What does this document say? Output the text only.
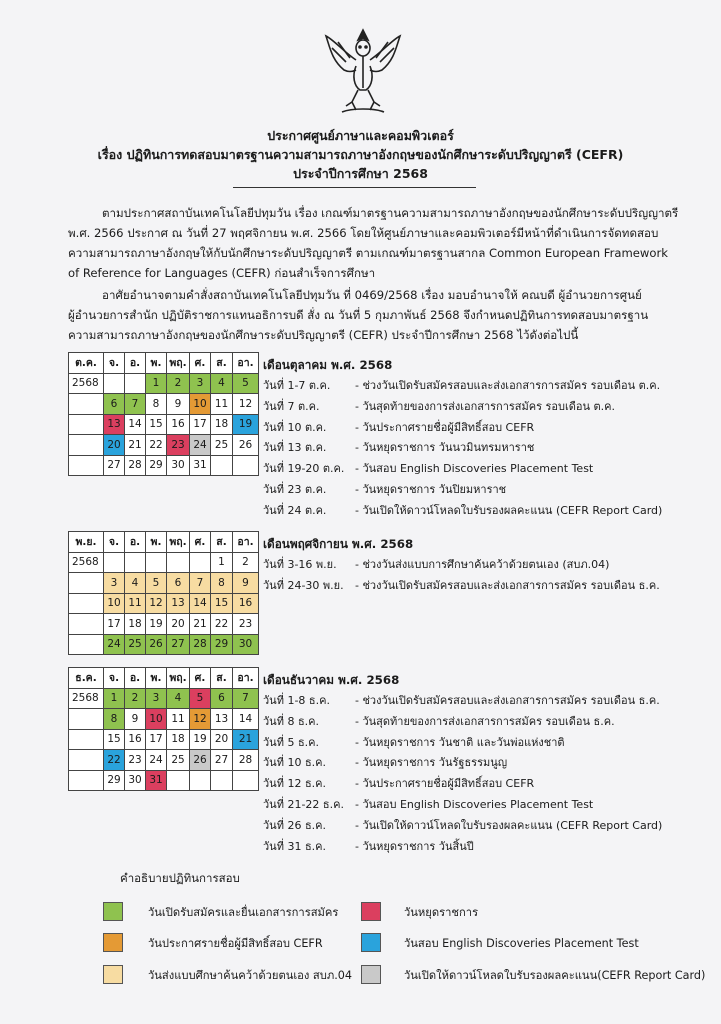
ประกาศศูนย์ภาษาและคอมพิวเตอร์
เรื่อง ปฏิทินการทดสอบมาตรฐานความสามารถภาษาอังกฤษของนักศึกษาระดับปริญญาตรี (CEFR)
ประจำปีการศึกษา 2568
ตามประกาศสถาบันเทคโนโลยีปทุมวัน เรื่อง เกณฑ์มาตรฐานความสามารถภาษาอังกฤษของนักศึกษาระดับปริญญาตรี
พ.ศ. 2566 ประกาศ ณ วันที่ 27 พฤศจิกายน พ.ศ. 2566 โดยให้ศูนย์ภาษาและคอมพิวเตอร์มีหน้าที่ดำเนินการจัดทดสอบ
ความสามารถภาษาอังกฤษให้กับนักศึกษาระดับปริญญาตรี ตามเกณฑ์มาตรฐานสากล Common European Framework
of Reference for Languages (CEFR) ก่อนสำเร็จการศึกษา
อาศัยอำนาจตามคำสั่งสถาบันเทคโนโลยีปทุมวัน ที่ 0469/2568 เรื่อง มอบอำนาจให้ คณบดี ผู้อำนวยการศูนย์
ผู้อำนวยการสำนัก ปฏิบัติราชการแทนอธิการบดี สั่ง ณ วันที่ 5 กุมภาพันธ์ 2568 จึงกำหนดปฏิทินการทดสอบมาตรฐาน
ความสามารถภาษาอังกฤษของนักศึกษาระดับปริญญาตรี (CEFR) ประจำปีการศึกษา 2568 ไว้ดังต่อไปนี้
ต.ค.	จ.	อ.	พ.	พฤ.	ศ.	ส.	อา.
2568			1	2	3	4	5
	6	7	8	9	10	11	12
	13	14	15	16	17	18	19
	20	21	22	23	24	25	26
	27	28	29	30	31		
เดือนตุลาคม พ.ศ. 2568
วันที่ 1-7 ต.ค. - ช่วงวันเปิดรับสมัครสอบและส่งเอกสารการสมัคร รอบเดือน ต.ค.
วันที่ 7 ต.ค.	- วันสุดท้ายของการส่งเอกสารการสมัคร รอบเดือน ต.ค.
วันที่ 10 ต.ค.	- วันประกาศรายชื่อผู้มีสิทธิ์สอบ CEFR
วันที่ 13 ต.ค.	- วันหยุดราชการ วันนวมินทรมหาราช
วันที่ 19-20 ต.ค. - วันสอบ English Discoveries Placement Test
วันที่ 23 ต.ค.	- วันหยุดราชการ วันปิยมหาราช
วันที่ 24 ต.ค.	- วันเปิดให้ดาวน์โหลดใบรับรองผลคะแนน (CEFR Report Card)
พ.ย.	จ.	อ.	พ.	พฤ.	ศ.	ส.	อา.
2568						1	2
	3	4	5	6	7	8	9
	10	11	12	13	14	15	16
	17	18	19	20	21	22	23
	24	25	26	27	28	29	30
เดือนพฤศจิกายน พ.ศ. 2568
วันที่ 3-16 พ.ย. - ช่วงวันส่งแบบการศึกษาค้นคว้าด้วยตนเอง (สบภ.04)
วันที่ 24-30 พ.ย. - ช่วงวันเปิดรับสมัครสอบและส่งเอกสารการสมัคร รอบเดือน ธ.ค.
ธ.ค.	จ.	อ.	พ.	พฤ.	ศ.	ส.	อา.
2568	1	2	3	4	5	6	7
	8	9	10	11	12	13	14
	15	16	17	18	19	20	21
	22	23	24	25	26	27	28
	29	30	31				
เดือนธันวาคม พ.ศ. 2568
วันที่ 1-8 ธ.ค. - ช่วงวันเปิดรับสมัครสอบและส่งเอกสารการสมัคร รอบเดือน ธ.ค.
วันที่ 8 ธ.ค.	- วันสุดท้ายของการส่งเอกสารการสมัคร รอบเดือน ธ.ค.
วันที่ 5 ธ.ค.	- วันหยุดราชการ วันชาติ และวันพ่อแห่งชาติ
วันที่ 10 ธ.ค.	- วันหยุดราชการ วันรัฐธรรมนูญ
วันที่ 12 ธ.ค.	- วันประกาศรายชื่อผู้มีสิทธิ์สอบ CEFR
วันที่ 21-22 ธ.ค. - วันสอบ English Discoveries Placement Test
วันที่ 26 ธ.ค.	- วันเปิดให้ดาวน์โหลดใบรับรองผลคะแนน (CEFR Report Card)
วันที่ 31 ธ.ค.	- วันหยุดราชการ วันสิ้นปี
คำอธิบายปฏิทินการสอบ
วันเปิดรับสมัครและยื่นเอกสารการสมัคร	วันหยุดราชการ
วันประกาศรายชื่อผู้มีสิทธิ์สอบ CEFR	วันสอบ English Discoveries Placement Test
วันส่งแบบศึกษาค้นคว้าด้วยตนเอง สบภ.04	วันเปิดให้ดาวน์โหลดใบรับรองผลคะแนน(CEFR Report Card)
